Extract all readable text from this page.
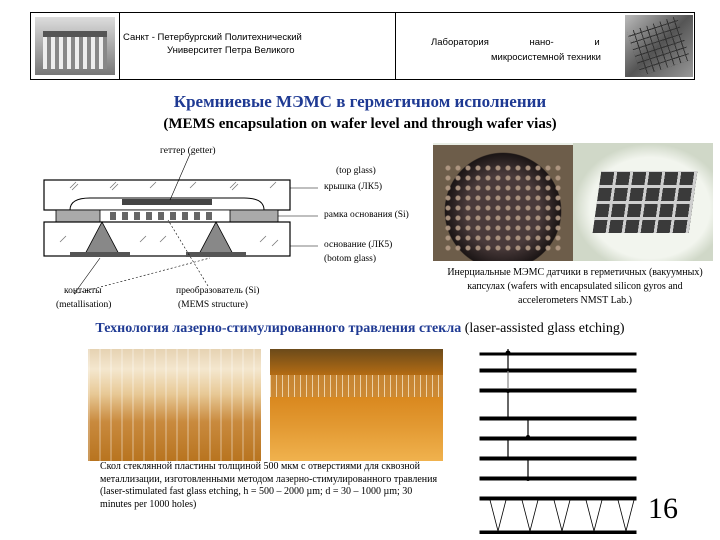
Санкт - Петербургский Политехнический
Университет Петра Великого
Лаборатория нано- и
микросистемной техники
Кремниевые МЭМС в герметичном исполнении
(MEMS encapsulation on wafer level and through wafer vias)
геттер (getter)
(top glass)
крышка (ЛК5)
рамка основания (Si)
основание (ЛК5)
(botom glass)
контакты
(metallisation)
преобразователь (Si)
(MEMS structure)
Инерциальные МЭМС датчики в герметичных (вакуумных) капсулах (wafers with encapsulated silicon gyros and accelerometers NMST Lab.)
Технология лазерно-стимулированного травления стекла (laser-assisted glass etching)
Скол стеклянной пластины толщиной 500 мкм с отверстиями для сквозной металлизации, изготовленными методом лазерно-стимулированного травления (laser-stimulated fast glass etching, h = 500 – 2000 µm; d = 30 – 1000 µm; 30 minutes per 1000 holes)	16
